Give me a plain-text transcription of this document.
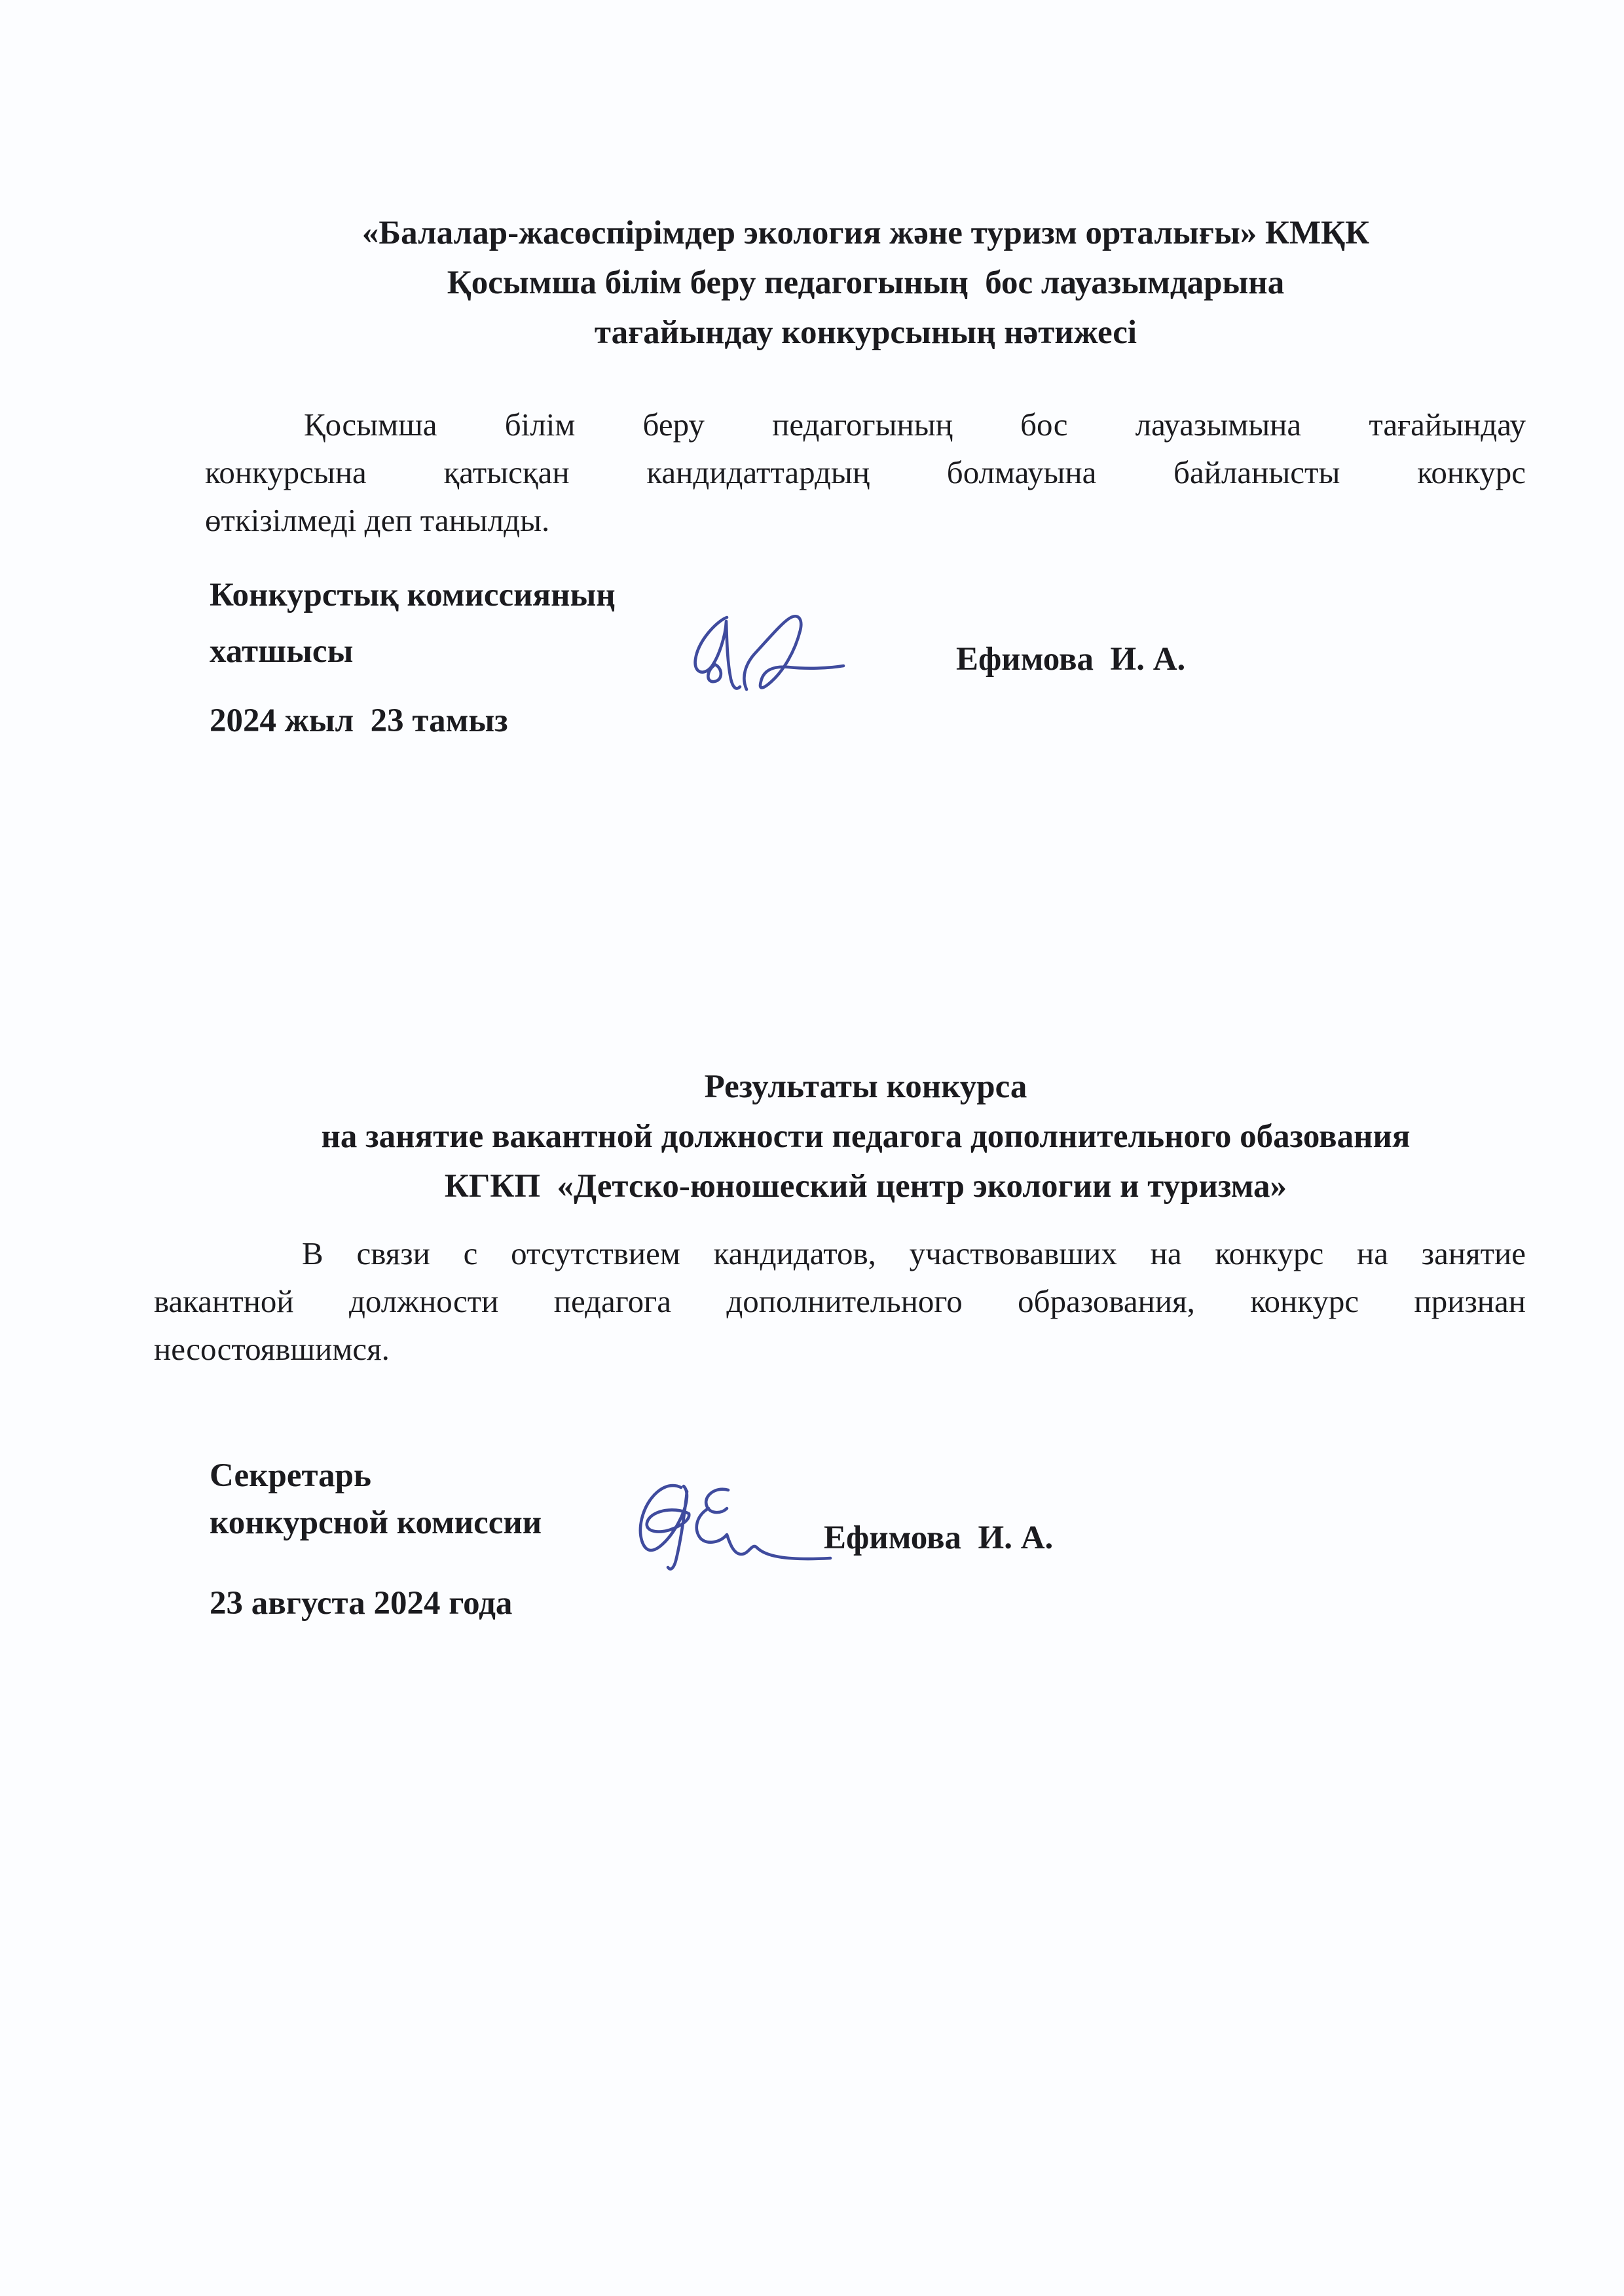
«Балалар-жасөспірімдер экология және туризм орталығы» КМҚК
Қосымша білім беру педагогының  бос лауазымдарына
тағайындау конкурсының нәтижесі
Қосымша білім беру педагогының бос лауазымына тағайындау
конкурсына қатысқан кандидаттардың болмауына байланысты конкурс
өткізілмеді деп танылды.
Конкурстық комиссияның
хатшысы	Ефимова  И. А.
2024 жыл  23 тамыз
Результаты конкурса
на занятие вакантной должности педагога дополнительного обазования
КГКП  «Детско-юношеский центр экологии и туризма»
В связи с отсутствием кандидатов, участвовавших на конкурс на занятие
вакантной должности педагога дополнительного образования, конкурс признан
несостоявшимся.
Секретарь
конкурсной комиссии	Ефимова  И. А.
23 августа 2024 года
